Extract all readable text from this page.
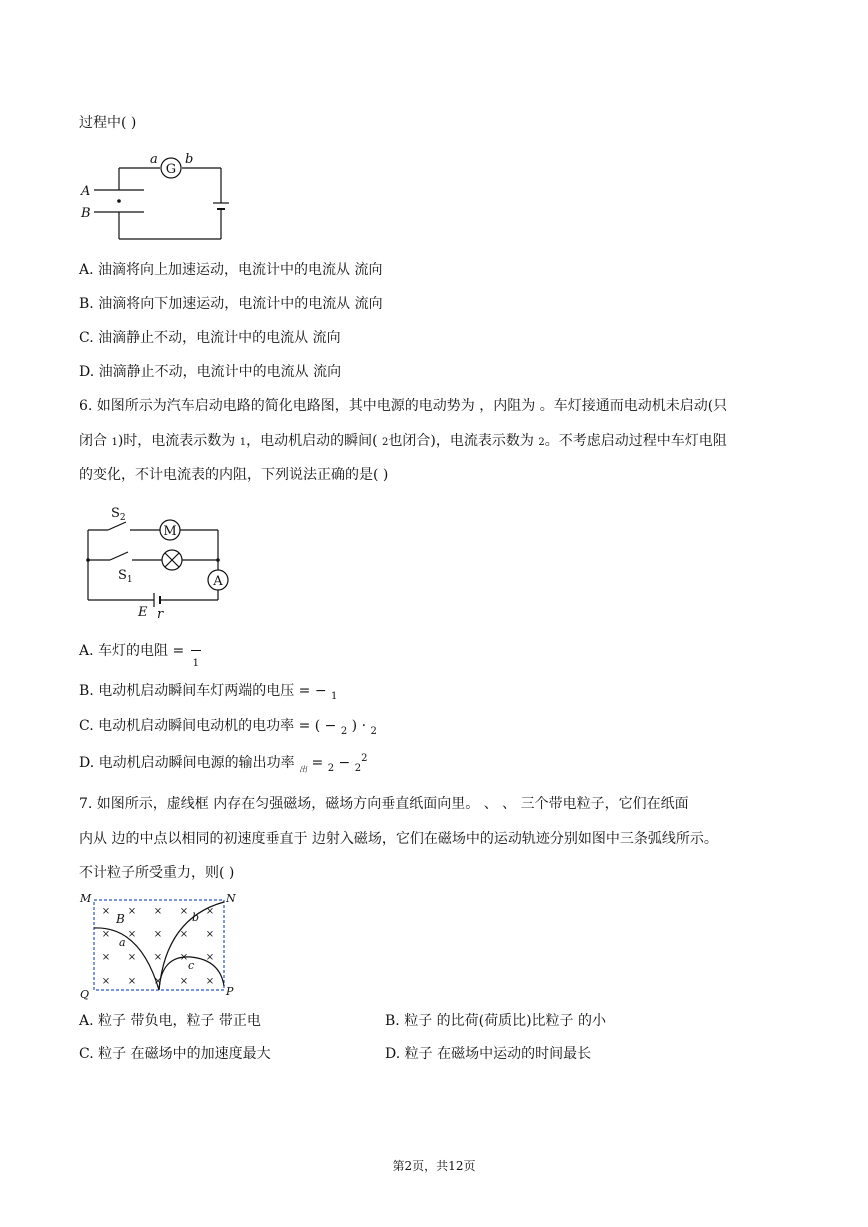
过程中( )
G
a b
A
B
A. 油滴将向上加速运动，电流计中的电流从 流向
B. 油滴将向下加速运动，电流计中的电流从 流向
C. 油滴静止不动，电流计中的电流从 流向
D. 油滴静止不动，电流计中的电流从 流向
6. 如图所示为汽车启动电路的简化电路图，其中电源的电动势为 ，内阻为 。车灯接通而电动机未启动(只
闭合 1)时，电流表示数为 1，电动机启动的瞬间( 2也闭合)，电流表示数为 2。不考虑启动过程中车灯电阻
的变化，不计电流表的内阻，下列说法正确的是( )
$S_2$
$S_1$
M
A
E r
A. 车灯的电阻 =
1
B. 电动机启动瞬间车灯两端的电压 = − $_1$
C. 电动机启动瞬间电动机的电功率 = ( − $_2$ ) · $_2$
D. 电动机启动瞬间电源的输出功率 $_出$ = $_2$ − $_2^2$
7. 如图所示，虚线框 内存在匀强磁场，磁场方向垂直纸面向里。 、 、 三个带电粒子，它们在纸面
内从 边的中点以相同的初速度垂直于 边射入磁场，它们在磁场中的运动轨迹分别如图中三条弧线所示。
不计粒子所受重力，则( )
× × × × ×
× × × × ×
× × × × ×
× × × × ×
M	N
Q	P
B
a
b
c
A. 粒子 带负电，粒子 带正电	B. 粒子 的比荷(荷质比)比粒子 的小
C. 粒子 在磁场中的加速度最大	D. 粒子 在磁场中运动的时间最长
第2页，共12页
